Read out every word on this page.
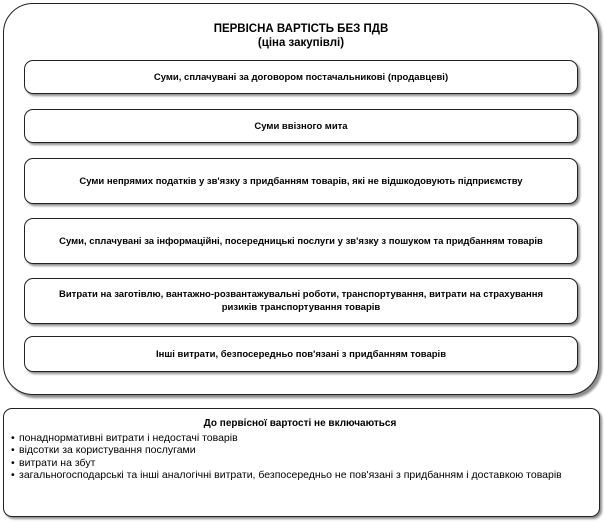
ПЕРВІСНА ВАРТІСТЬ БЕЗ ПДВ
(ціна закупівлі)
Суми, сплачувані за договором постачальникові (продавцеві)
Суми ввізного мита
Суми непрямих податків у зв'язку з придбанням товарів, які не відшкодовують підприємству
Суми, сплачувані за інформаційні, посередницькі послуги у зв'язку з пошуком та придбанням товарів
Витрати на заготівлю, вантажно-розвантажувальні роботи, транспортування, витрати на страхування ризиків транспортування товарів
Інші витрати, безпосередньо пов'язані з придбанням товарів
До первісної вартості не включаються
• понаднормативні витрати і недостачі товарів
• відсотки за користування послугами
• витрати на збут
• загальногосподарські та інші аналогічні витрати, безпосередньо не пов'язані з придбанням і доставкою товарів
